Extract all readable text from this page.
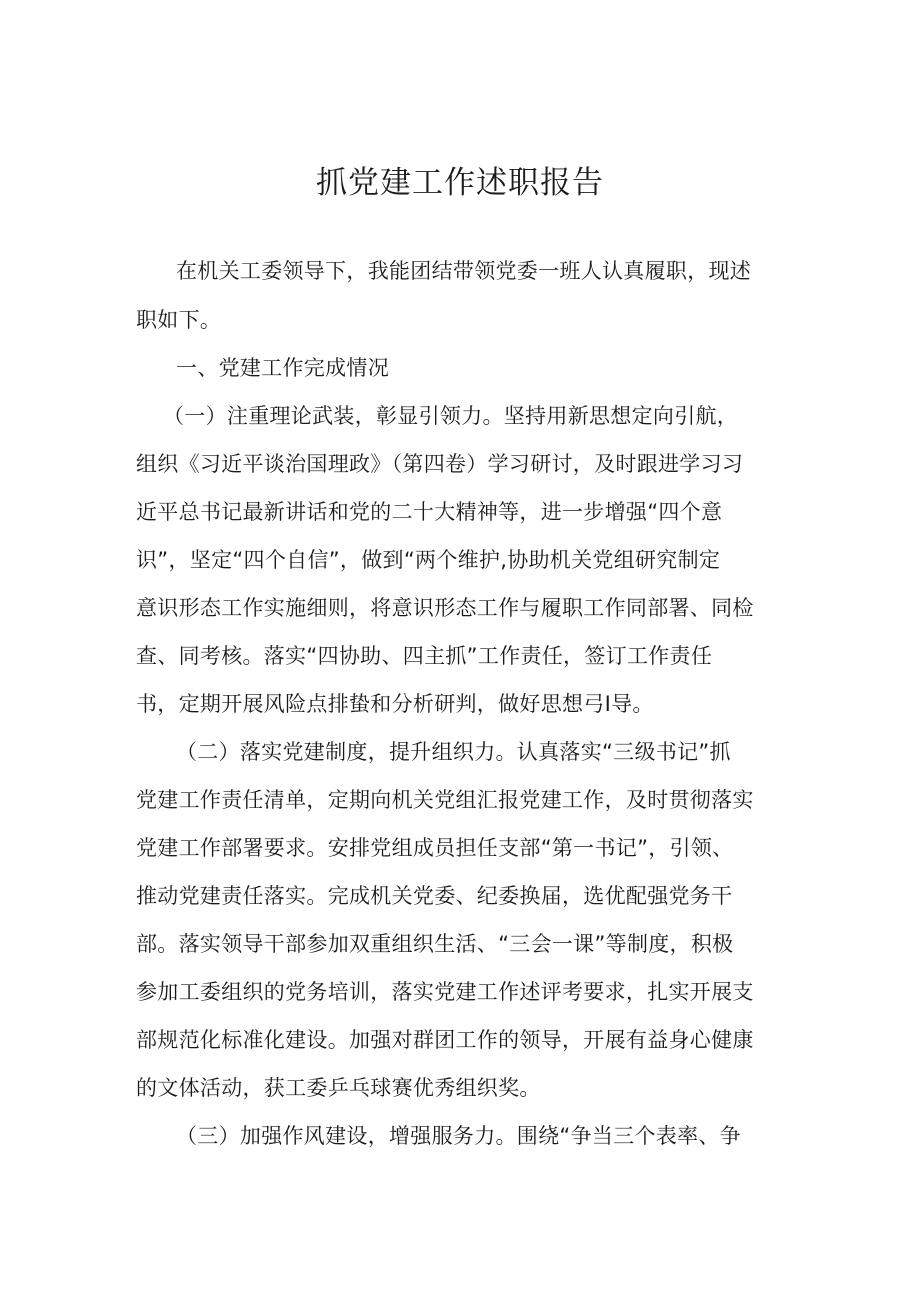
抓党建工作述职报告
在机关工委领导下，我能团结带领党委一班人认真履职，现述
职如下。
一、党建工作完成情况
（一）注重理论武装，彰显引领力。坚持用新思想定向引航，
组织《习近平谈治国理政》（第四卷）学习研讨，及时跟进学习习
近平总书记最新讲话和党的二十大精神等，进一步增强“四个意
识”，坚定“四个自信”，做到“两个维护,协助机关党组研究制定
意识形态工作实施细则，将意识形态工作与履职工作同部署、同检
查、同考核。落实“四协助、四主抓”工作责任，签订工作责任
书，定期开展风险点排蛰和分析研判，做好思想弓I导。
（二）落实党建制度，提升组织力。认真落实“三级书记”抓
党建工作责任清单，定期向机关党组汇报党建工作，及时贯彻落实
党建工作部署要求。安排党组成员担任支部“第一书记”，引领、
推动党建责任落实。完成机关党委、纪委换届，选优配强党务干
部。落实领导干部参加双重组织生活、“三会一课”等制度，积极
参加工委组织的党务培训，落实党建工作述评考要求，扎实开展支
部规范化标准化建设。加强对群团工作的领导，开展有益身心健康
的文体活动，获工委乒乓球赛优秀组织奖。
（三）加强作风建设，增强服务力。围绕“争当三个表率、争
